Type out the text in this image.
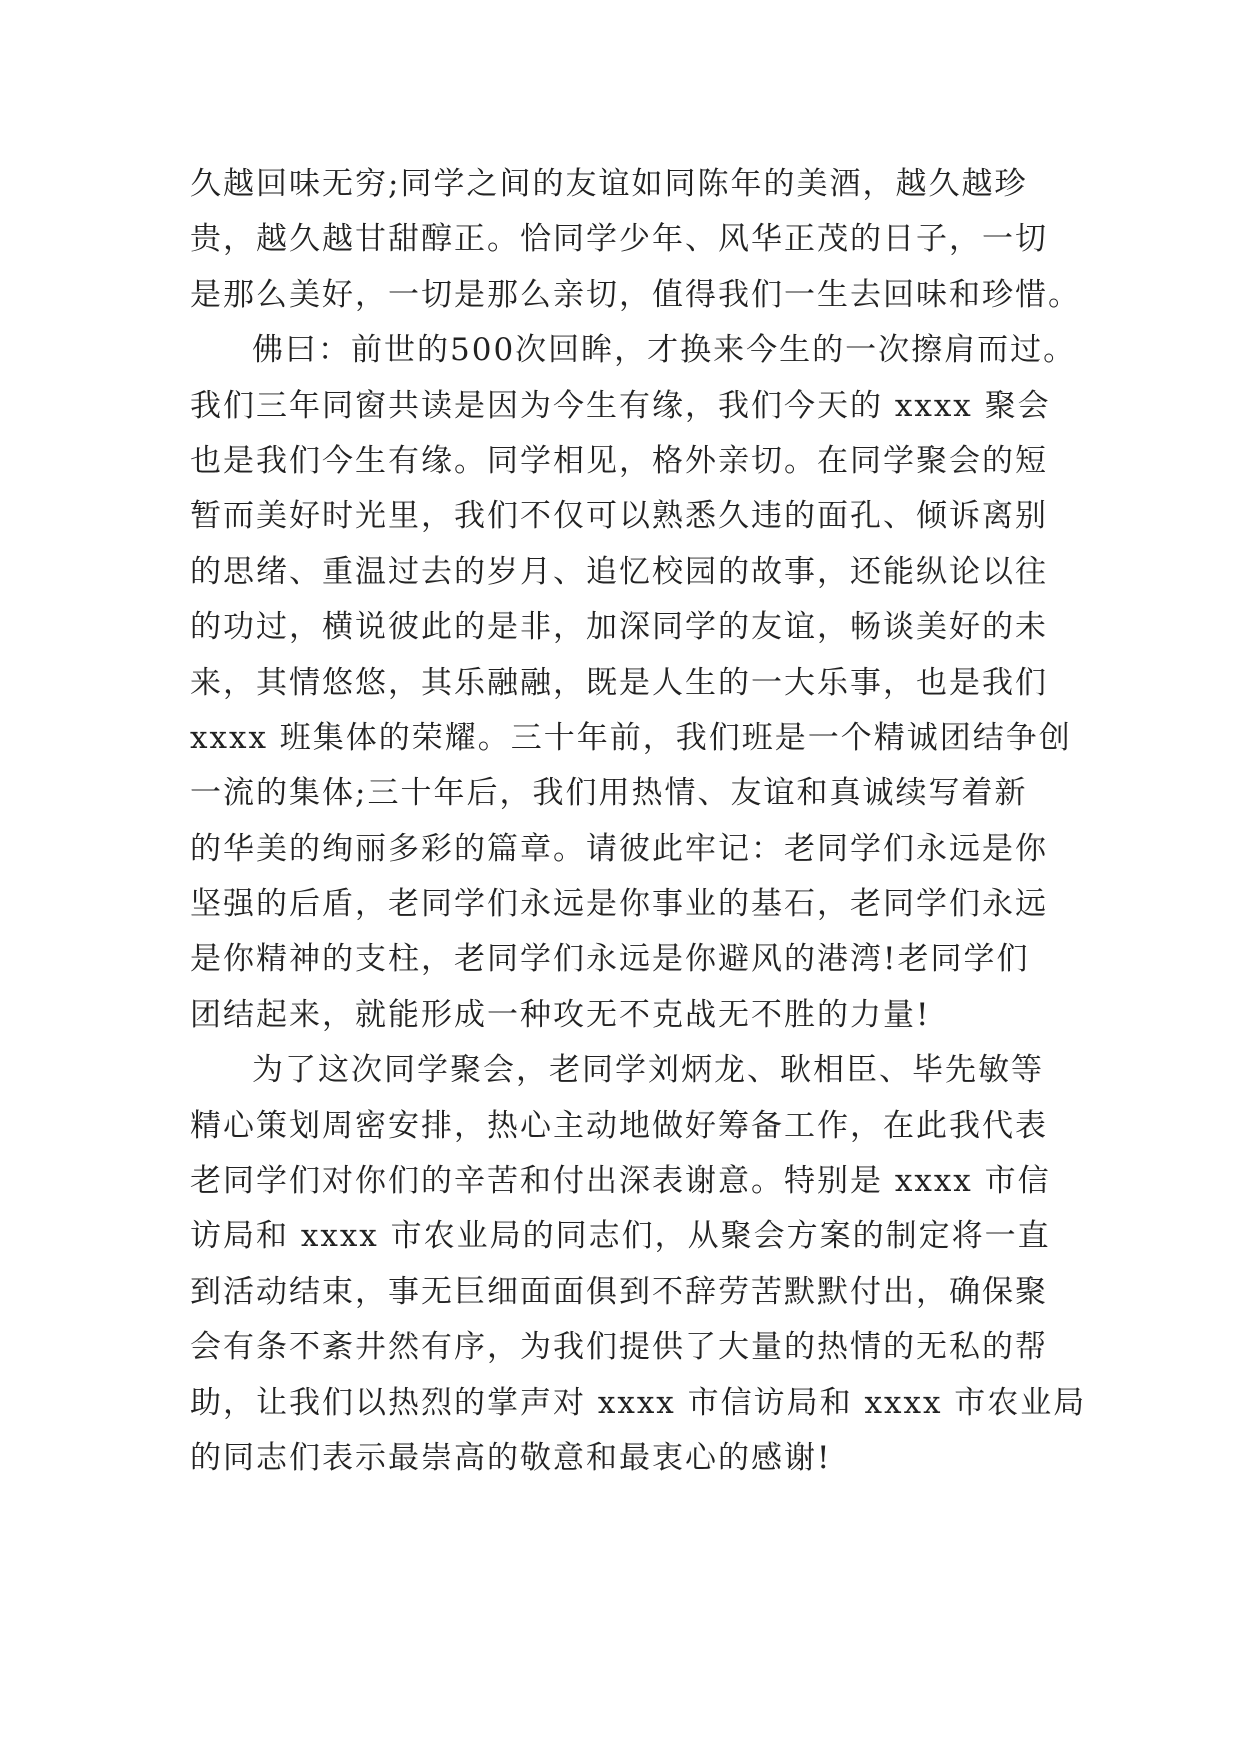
久越回味无穷;同学之间的友谊如同陈年的美酒，越久越珍
贵，越久越甘甜醇正。恰同学少年、风华正茂的日子，一切
是那么美好，一切是那么亲切，值得我们一生去回味和珍惜。
佛曰：前世的500次回眸，才换来今生的一次擦肩而过。
我们三年同窗共读是因为今生有缘，我们今天的 xxxx 聚会
也是我们今生有缘。同学相见，格外亲切。在同学聚会的短
暂而美好时光里，我们不仅可以熟悉久违的面孔、倾诉离别
的思绪、重温过去的岁月、追忆校园的故事，还能纵论以往
的功过，横说彼此的是非，加深同学的友谊，畅谈美好的未
来，其情悠悠，其乐融融，既是人生的一大乐事，也是我们
xxxx 班集体的荣耀。三十年前，我们班是一个精诚团结争创
一流的集体;三十年后，我们用热情、友谊和真诚续写着新
的华美的绚丽多彩的篇章。请彼此牢记：老同学们永远是你
坚强的后盾，老同学们永远是你事业的基石，老同学们永远
是你精神的支柱，老同学们永远是你避风的港湾!老同学们
团结起来，就能形成一种攻无不克战无不胜的力量!
为了这次同学聚会，老同学刘炳龙、耿相臣、毕先敏等
精心策划周密安排，热心主动地做好筹备工作，在此我代表
老同学们对你们的辛苦和付出深表谢意。特别是 xxxx 市信
访局和 xxxx 市农业局的同志们，从聚会方案的制定将一直
到活动结束，事无巨细面面俱到不辞劳苦默默付出，确保聚
会有条不紊井然有序，为我们提供了大量的热情的无私的帮
助，让我们以热烈的掌声对 xxxx 市信访局和 xxxx 市农业局
的同志们表示最崇高的敬意和最衷心的感谢!
